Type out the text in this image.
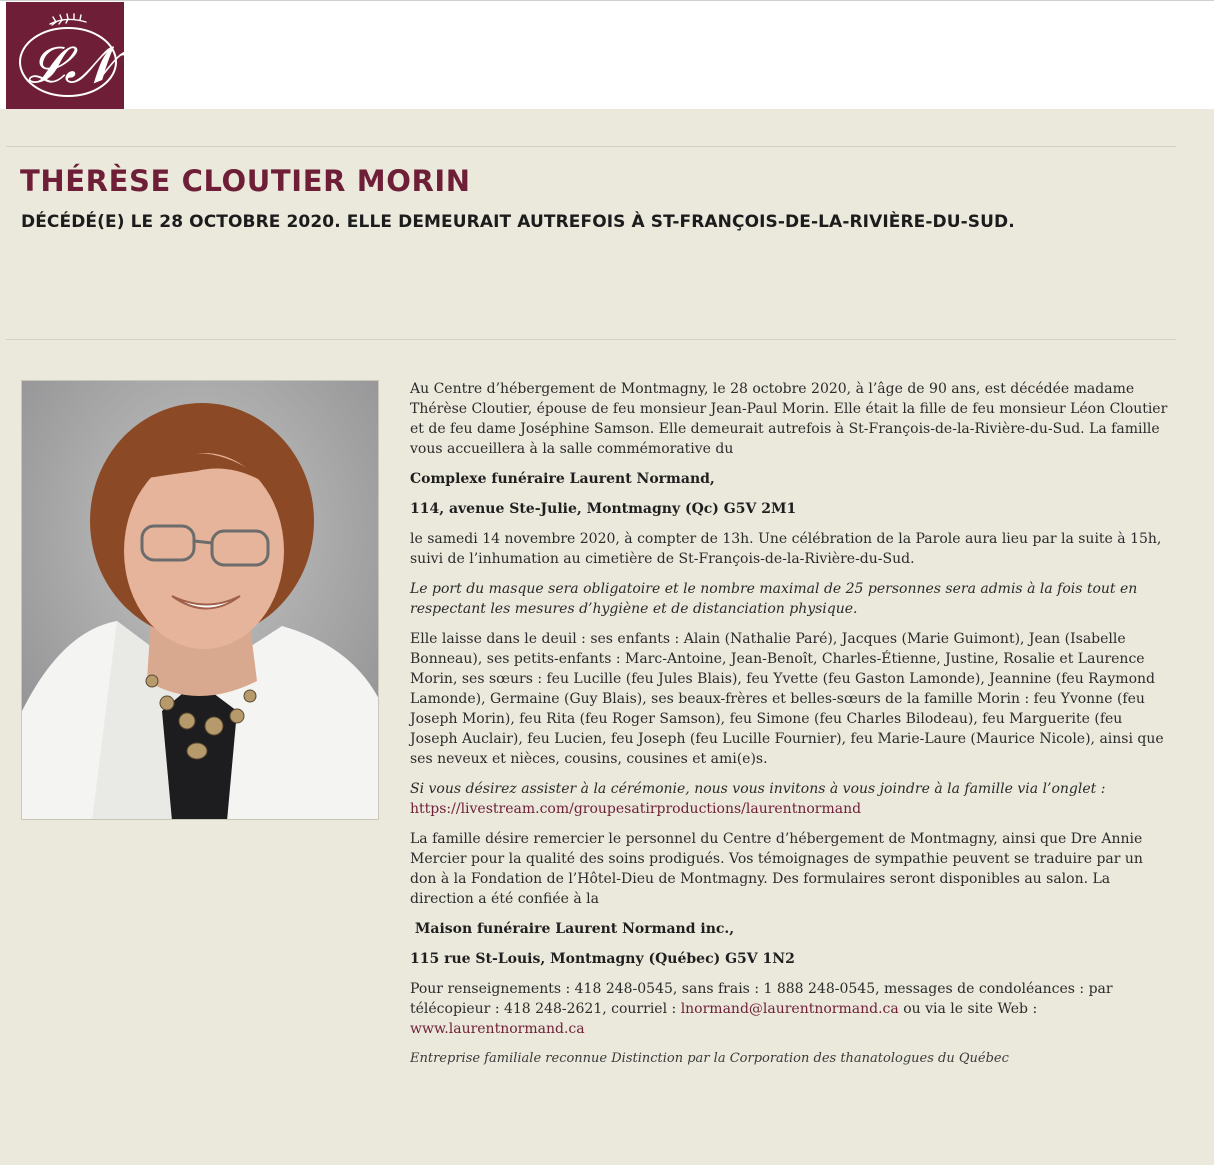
𝓛𝓝
THÉRÈSE CLOUTIER MORIN
DÉCÉDÉ(E) LE 28 OCTOBRE 2020. ELLE DEMEURAIT AUTREFOIS À ST-FRANÇOIS-DE-LA-RIVIÈRE-DU-SUD.

Au Centre d’hébergement de Montmagny, le 28 octobre 2020, à l’âge de 90 ans, est décédée madame Thérèse Cloutier, épouse de feu monsieur Jean-Paul Morin. Elle était la fille de feu monsieur Léon Cloutier et de feu dame Joséphine Samson. Elle demeurait autrefois à St-François-de-la-Rivière-du-Sud. La famille vous accueillera à la salle commémorative du

Complexe funéraire Laurent Normand,

114, avenue Ste-Julie, Montmagny (Qc) G5V 2M1

le samedi 14 novembre 2020, à compter de 13h. Une célébration de la Parole aura lieu par la suite à 15h, suivi de l’inhumation au cimetière de St-François-de-la-Rivière-du-Sud.

Le port du masque sera obligatoire et le nombre maximal de 25 personnes sera admis à la fois tout en respectant les mesures d’hygiène et de distanciation physique.

Elle laisse dans le deuil : ses enfants : Alain (Nathalie Paré), Jacques (Marie Guimont), Jean (Isabelle Bonneau), ses petits-enfants : Marc-Antoine, Jean-Benoît, Charles-Étienne, Justine, Rosalie et Laurence Morin, ses sœurs : feu Lucille (feu Jules Blais), feu Yvette (feu Gaston Lamonde), Jeannine (feu Raymond Lamonde), Germaine (Guy Blais), ses beaux-frères et belles-sœurs de la famille Morin : feu Yvonne (feu Joseph Morin), feu Rita (feu Roger Samson), feu Simone (feu Charles Bilodeau), feu Marguerite (feu Joseph Auclair), feu Lucien, feu Joseph (feu Lucille Fournier), feu Marie-Laure (Maurice Nicole), ainsi que ses neveux et nièces, cousins, cousines et ami(e)s.

Si vous désirez assister à la cérémonie, nous vous invitons à vous joindre à la famille via l’onglet :
https://livestream.com/groupesatirproductions/laurentnormand

La famille désire remercier le personnel du Centre d’hébergement de Montmagny, ainsi que Dre Annie Mercier pour la qualité des soins prodigués. Vos témoignages de sympathie peuvent se traduire par un don à la Fondation de l’Hôtel-Dieu de Montmagny. Des formulaires seront disponibles au salon. La direction a été confiée à la

Maison funéraire Laurent Normand inc.,

115 rue St-Louis, Montmagny (Québec) G5V 1N2

Pour renseignements : 418 248-0545, sans frais : 1 888 248-0545, messages de condoléances : par télécopieur : 418 248-2621, courriel : lnormand@laurentnormand.ca ou via le site Web :
www.laurentnormand.ca

Entreprise familiale reconnue Distinction par la Corporation des thanatologues du Québec
